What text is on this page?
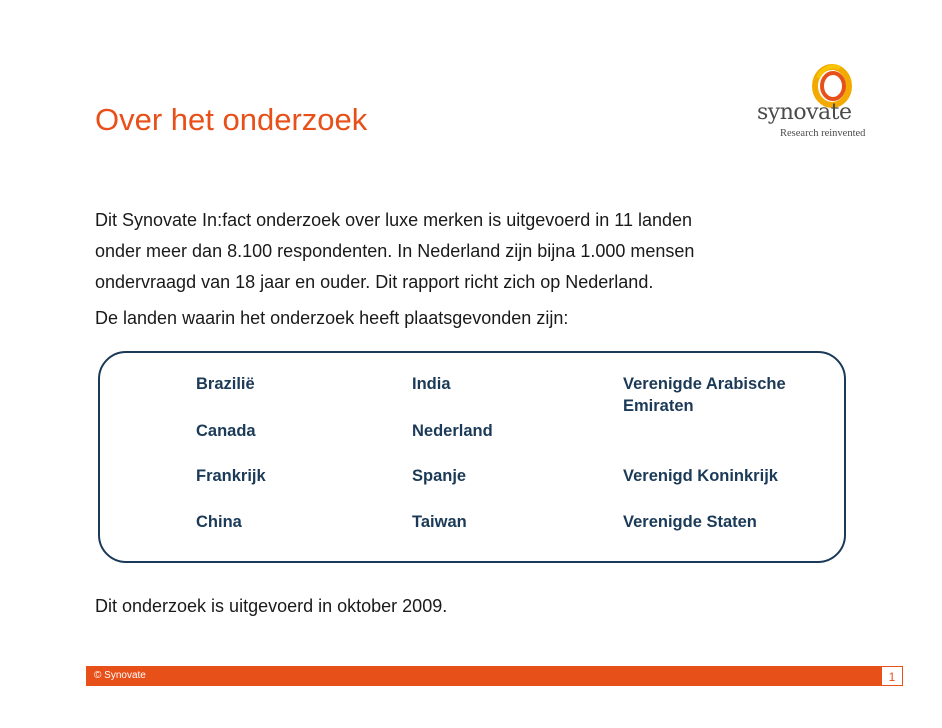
Over het onderzoek	synovate
Research reinvented

Dit Synovate In:fact onderzoek over luxe merken is uitgevoerd in 11 landen

onder meer dan 8.100 respondenten. In Nederland zijn bijna 1.000 mensen

ondervraagd van 18 jaar en ouder. Dit rapport richt zich op Nederland.

De landen waarin het onderzoek heeft plaatsgevonden zijn:

Brazilië

Canada

Frankrijk

China

India

Nederland

Spanje

Taiwan

Verenigde Arabische Emiraten

Verenigd Koninkrijk

Verenigde Staten

Dit onderzoek is uitgevoerd in oktober 2009.

© Synovate	1
